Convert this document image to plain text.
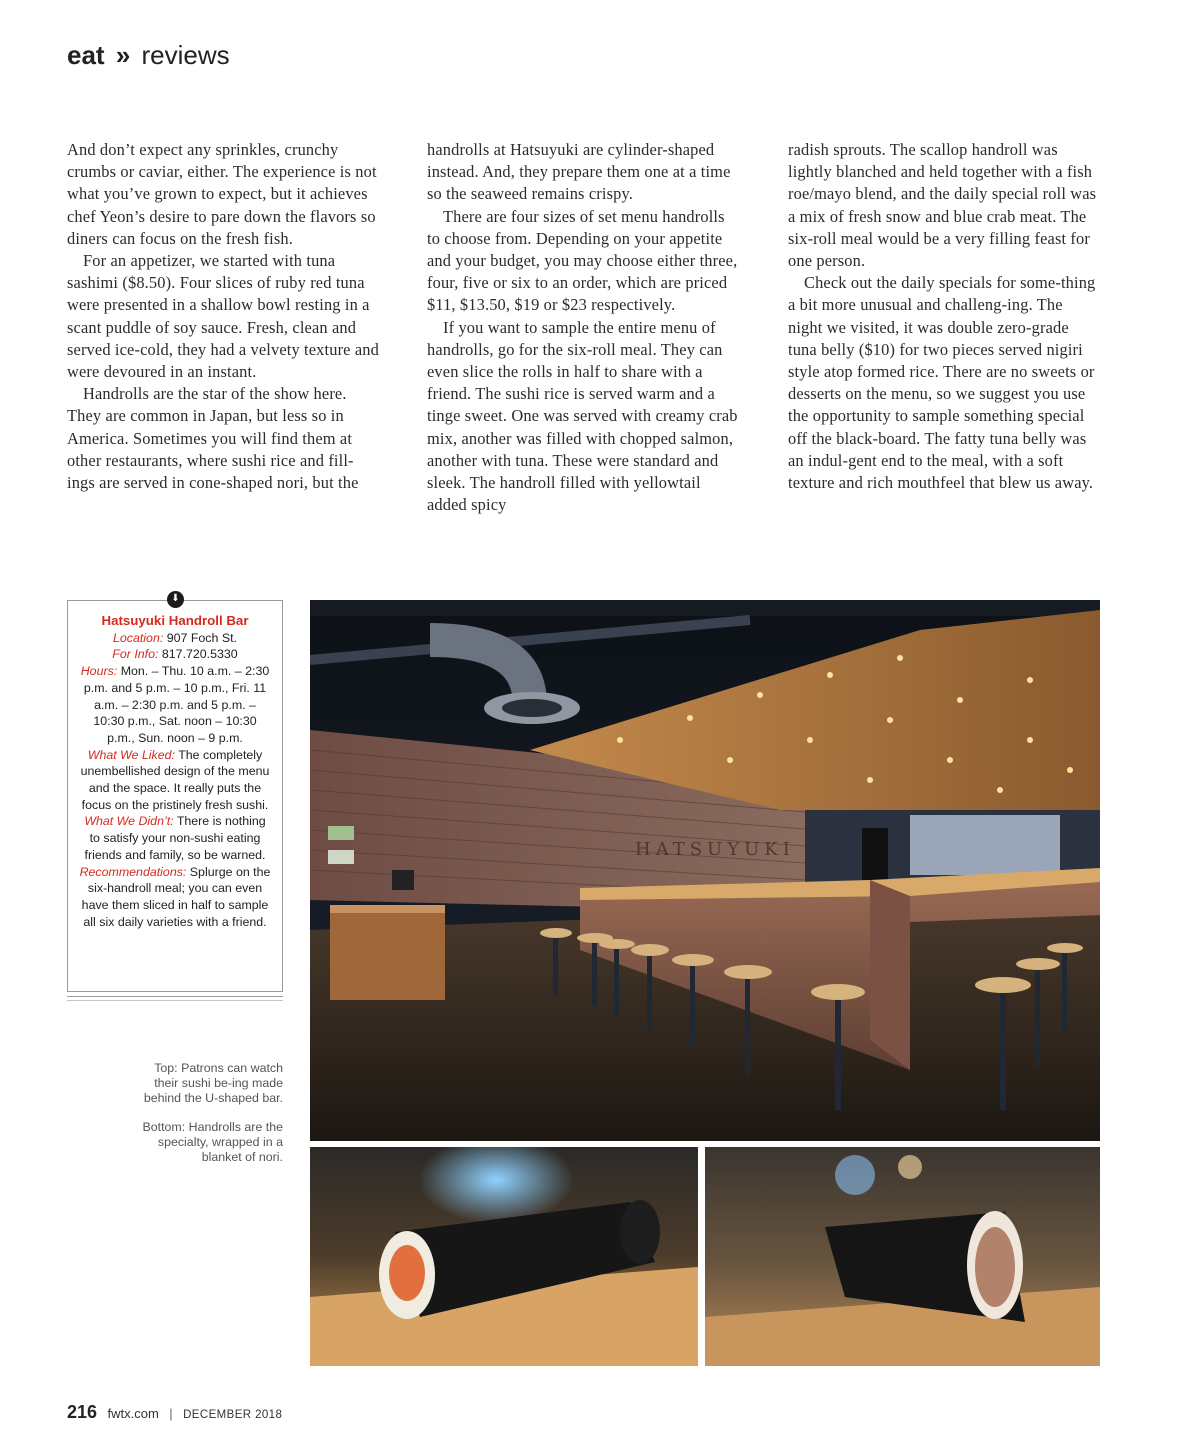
eat » reviews

And don’t expect any sprinkles, crunchy crumbs or caviar, either. The experience is not what you’ve grown to expect, but it achieves chef Yeon’s desire to pare down the flavors so diners can focus on the fresh fish.

For an appetizer, we started with tuna sashimi ($8.50). Four slices of ruby red tuna were presented in a shallow bowl resting in a scant puddle of soy sauce. Fresh, clean and served ice-cold, they had a velvety texture and were devoured in an instant.

Handrolls are the star of the show here. They are common in Japan, but less so in America. Sometimes you will find them at other restaurants, where sushi rice and fill-ings are served in cone-shaped nori, but the

handrolls at Hatsuyuki are cylinder-shaped instead. And, they prepare them one at a time so the seaweed remains crispy.

There are four sizes of set menu handrolls to choose from. Depending on your appetite and your budget, you may choose either three, four, five or six to an order, which are priced $11, $13.50, $19 or $23 respectively.

If you want to sample the entire menu of handrolls, go for the six-roll meal. They can even slice the rolls in half to share with a friend. The sushi rice is served warm and a tinge sweet. One was served with creamy crab mix, another was filled with chopped salmon, another with tuna. These were standard and sleek. The handroll filled with yellowtail added spicy

radish sprouts. The scallop handroll was lightly blanched and held together with a fish roe/mayo blend, and the daily special roll was a mix of fresh snow and blue crab meat. The six-roll meal would be a very filling feast for one person.

Check out the daily specials for some-thing a bit more unusual and challeng-ing. The night we visited, it was double zero-grade tuna belly ($10) for two pieces served nigiri style atop formed rice. There are no sweets or desserts on the menu, so we suggest you use the opportunity to sample something special off the black-board. The fatty tuna belly was an indul-gent end to the meal, with a soft texture and rich mouthfeel that blew us away.

⬇
Hatsuyuki Handroll Bar
Location: 907 Foch St.
For Info: 817.720.5330
Hours: Mon. – Thu. 10 a.m. – 2:30 p.m. and 5 p.m. – 10 p.m., Fri. 11 a.m. – 2:30 p.m. and 5 p.m. – 10:30 p.m., Sat. noon – 10:30 p.m., Sun. noon – 9 p.m.
What We Liked: The completely unembellished design of the menu and the space. It really puts the focus on the pristinely fresh sushi.
What We Didn’t: There is nothing to satisfy your non-sushi eating friends and family, so be warned.
Recommendations: Splurge on the six-handroll meal; you can even have them sliced in half to sample all six daily varieties with a friend.

Top: Patrons can watch their sushi be-ing made behind the U-shaped bar.

Bottom: Handrolls are the specialty, wrapped in a blanket of nori.

HATSUYUKI
216 fwtx.com | DECEMBER 2018
